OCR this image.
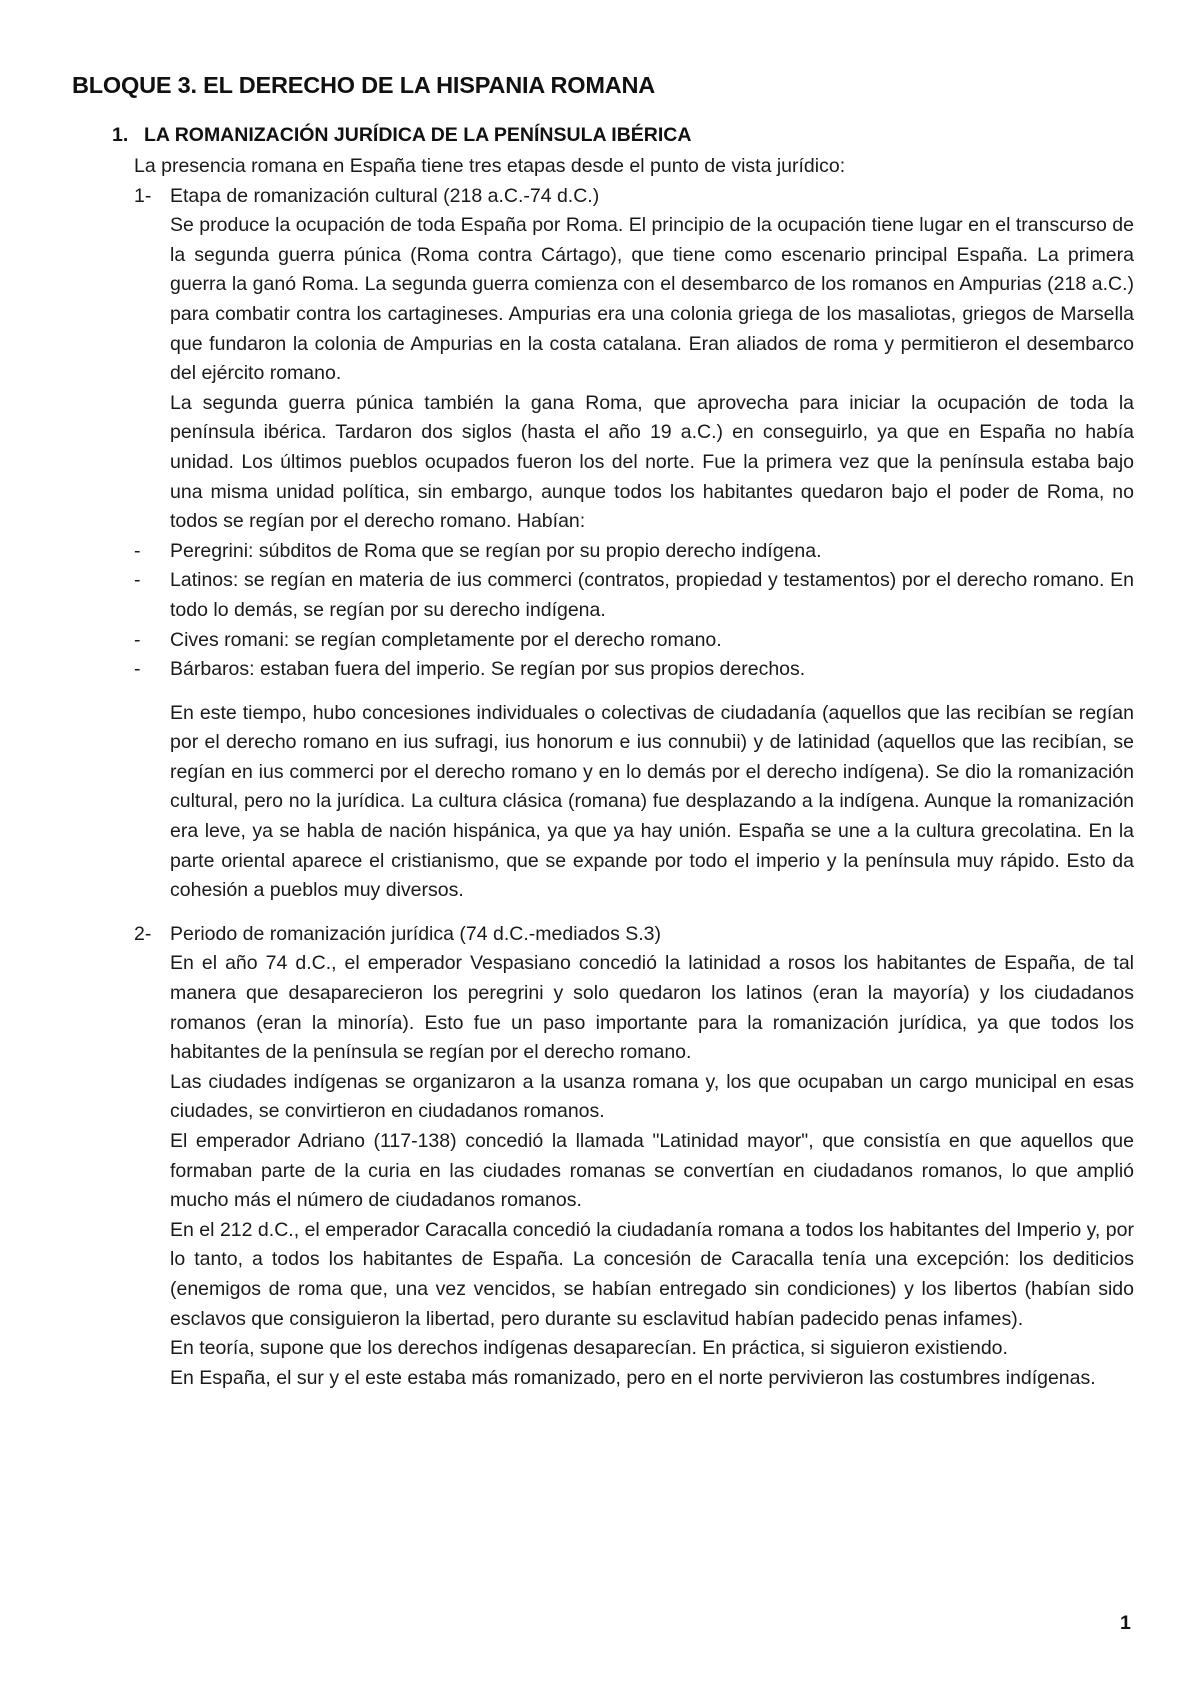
BLOQUE 3. EL DERECHO DE LA HISPANIA ROMANA
1. LA ROMANIZACIÓN JURÍDICA DE LA PENÍNSULA IBÉRICA

La presencia romana en España tiene tres etapas desde el punto de vista jurídico:

1- Etapa de romanización cultural (218 a.C.-74 d.C.)

Se produce la ocupación de toda España por Roma. El principio de la ocupación tiene lugar en el transcurso de la segunda guerra púnica (Roma contra Cártago), que tiene como escenario principal España. La primera guerra la ganó Roma. La segunda guerra comienza con el desembarco de los romanos en Ampurias (218 a.C.) para combatir contra los cartagineses. Ampurias era una colonia griega de los masaliotas, griegos de Marsella que fundaron la colonia de Ampurias en la costa catalana. Eran aliados de roma y permitieron el desembarco del ejército romano.

La segunda guerra púnica también la gana Roma, que aprovecha para iniciar la ocupación de toda la península ibérica. Tardaron dos siglos (hasta el año 19 a.C.) en conseguirlo, ya que en España no había unidad. Los últimos pueblos ocupados fueron los del norte. Fue la primera vez que la península estaba bajo una misma unidad política, sin embargo, aunque todos los habitantes quedaron bajo el poder de Roma, no todos se regían por el derecho romano. Habían:

- Peregrini: súbditos de Roma que se regían por su propio derecho indígena.
- Latinos: se regían en materia de ius commerci (contratos, propiedad y testamentos) por el derecho romano. En todo lo demás, se regían por su derecho indígena.
- Cives romani: se regían completamente por el derecho romano.
- Bárbaros: estaban fuera del imperio. Se regían por sus propios derechos.

En este tiempo, hubo concesiones individuales o colectivas de ciudadanía (aquellos que las recibían se regían por el derecho romano en ius sufragi, ius honorum e ius connubii) y de latinidad (aquellos que las recibían, se regían en ius commerci por el derecho romano y en lo demás por el derecho indígena). Se dio la romanización cultural, pero no la jurídica. La cultura clásica (romana) fue desplazando a la indígena. Aunque la romanización era leve, ya se habla de nación hispánica, ya que ya hay unión. España se une a la cultura grecolatina. En la parte oriental aparece el cristianismo, que se expande por todo el imperio y la península muy rápido. Esto da cohesión a pueblos muy diversos.

2- Periodo de romanización jurídica (74 d.C.-mediados S.3)

En el año 74 d.C., el emperador Vespasiano concedió la latinidad a rosos los habitantes de España, de tal manera que desaparecieron los peregrini y solo quedaron los latinos (eran la mayoría) y los ciudadanos romanos (eran la minoría). Esto fue un paso importante para la romanización jurídica, ya que todos los habitantes de la península se regían por el derecho romano.

Las ciudades indígenas se organizaron a la usanza romana y, los que ocupaban un cargo municipal en esas ciudades, se convirtieron en ciudadanos romanos.

El emperador Adriano (117-138) concedió la llamada "Latinidad mayor", que consistía en que aquellos que formaban parte de la curia en las ciudades romanas se convertían en ciudadanos romanos, lo que amplió mucho más el número de ciudadanos romanos.

En el 212 d.C., el emperador Caracalla concedió la ciudadanía romana a todos los habitantes del Imperio y, por lo tanto, a todos los habitantes de España. La concesión de Caracalla tenía una excepción: los dediticios (enemigos de roma que, una vez vencidos, se habían entregado sin condiciones) y los libertos (habían sido esclavos que consiguieron la libertad, pero durante su esclavitud habían padecido penas infames).

En teoría, supone que los derechos indígenas desaparecían. En práctica, si siguieron existiendo.

En España, el sur y el este estaba más romanizado, pero en el norte pervivieron las costumbres indígenas.

1
